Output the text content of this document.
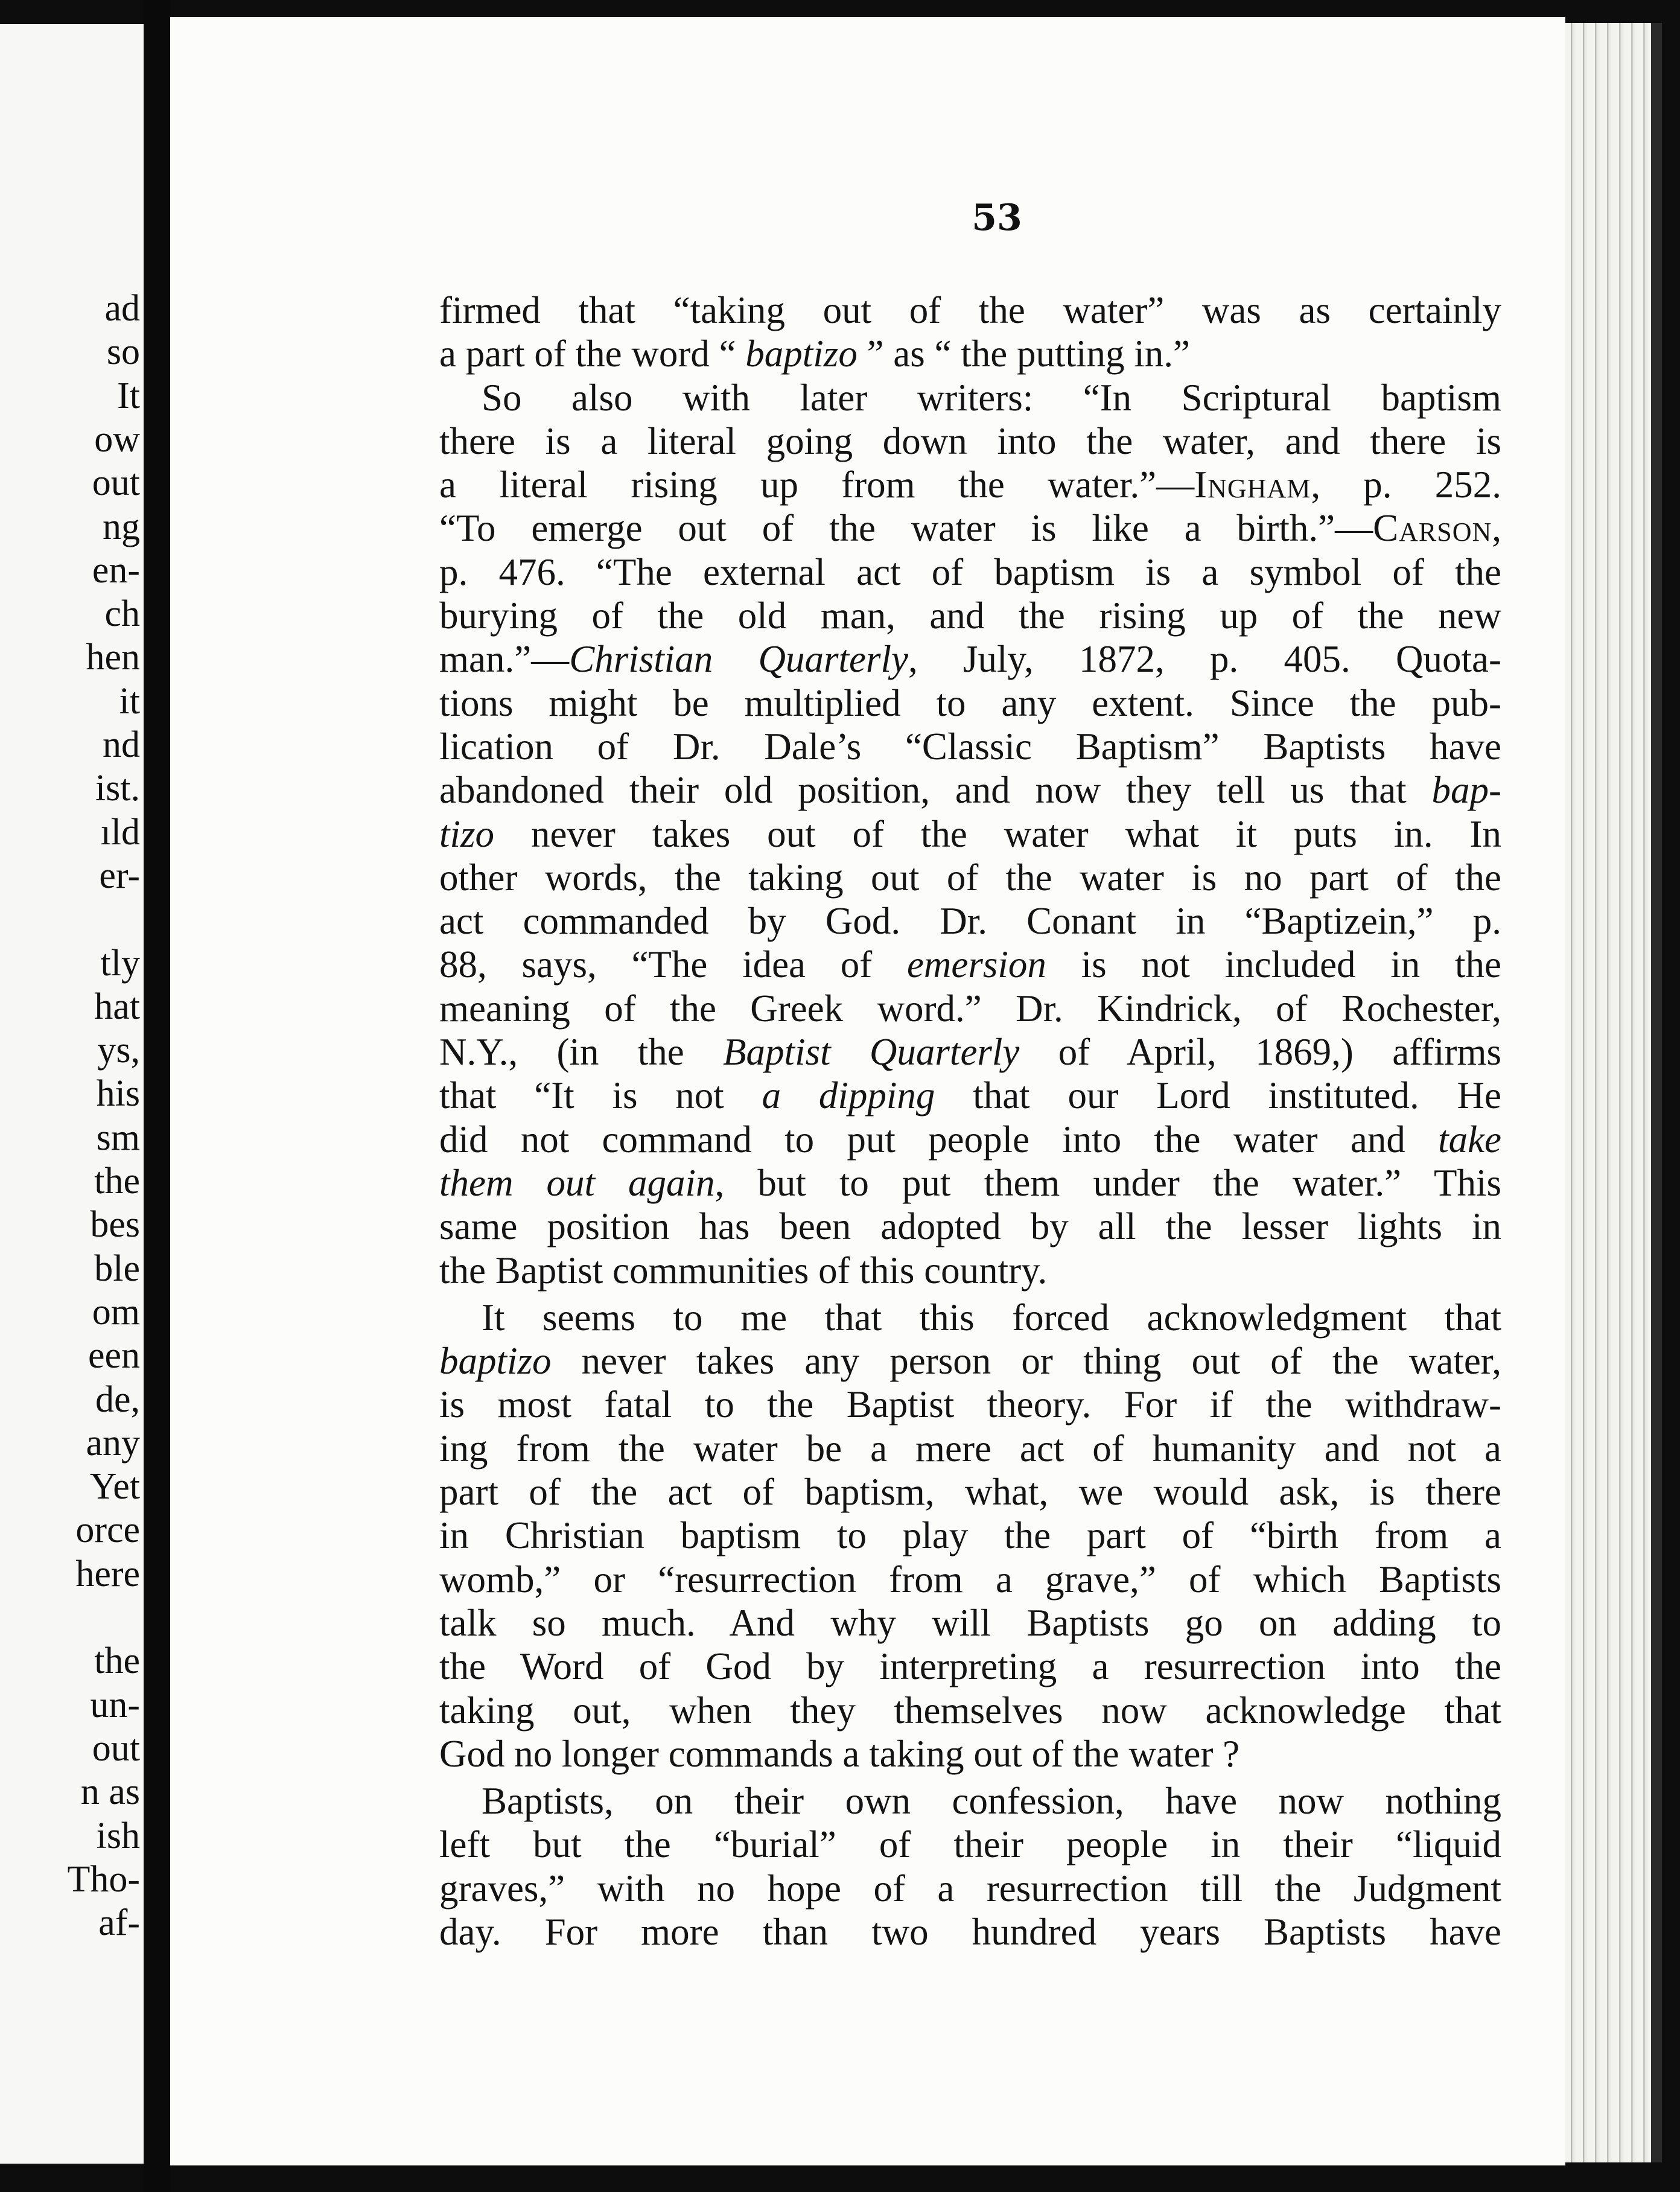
ad
so
It
ow
out
ng
en-
ch
hen
it
nd
ist.
ıld
er-
tly
hat
ys,
his
sm
the
bes
ble
om
een
de,
any
Yet
orce
here
the
un-
out
n as
ish
Tho-
af-
53
firmed that “taking out of the water” was as certainly
a part of the word “ baptizo ” as “ the putting in.”
So also with later writers: “In Scriptural baptism
there is a literal going down into the water, and there is
a literal rising up from the water.”—Ingham, p. 252.
“To emerge out of the water is like a birth.”—Carson,
p. 476. “The external act of baptism is a symbol of the
burying of the old man, and the rising up of the new
man.”—Christian Quarterly, July, 1872, p. 405. Quota-
tions might be multiplied to any extent. Since the pub-
lication of Dr. Dale’s “Classic Baptism” Baptists have
abandoned their old position, and now they tell us that bap-
tizo never takes out of the water what it puts in. In
other words, the taking out of the water is no part of the
act commanded by God. Dr. Conant in “Baptizein,” p.
88, says, “The idea of emersion is not included in the
meaning of the Greek word.” Dr. Kindrick, of Rochester,
N.Y., (in the Baptist Quarterly of April, 1869,) affirms
that “It is not a dipping that our Lord instituted. He
did not command to put people into the water and take
them out again, but to put them under the water.” This
same position has been adopted by all the lesser lights in
the Baptist communities of this country.
It seems to me that this forced acknowledgment that
baptizo never takes any person or thing out of the water,
is most fatal to the Baptist theory. For if the withdraw-
ing from the water be a mere act of humanity and not a
part of the act of baptism, what, we would ask, is there
in Christian baptism to play the part of “birth from a
womb,” or “resurrection from a grave,” of which Baptists
talk so much. And why will Baptists go on adding to
the Word of God by interpreting a resurrection into the
taking out, when they themselves now acknowledge that
God no longer commands a taking out of the water ?
Baptists, on their own confession, have now nothing
left but the “burial” of their people in their “liquid
graves,” with no hope of a resurrection till the Judgment
day. For more than two hundred years Baptists have
